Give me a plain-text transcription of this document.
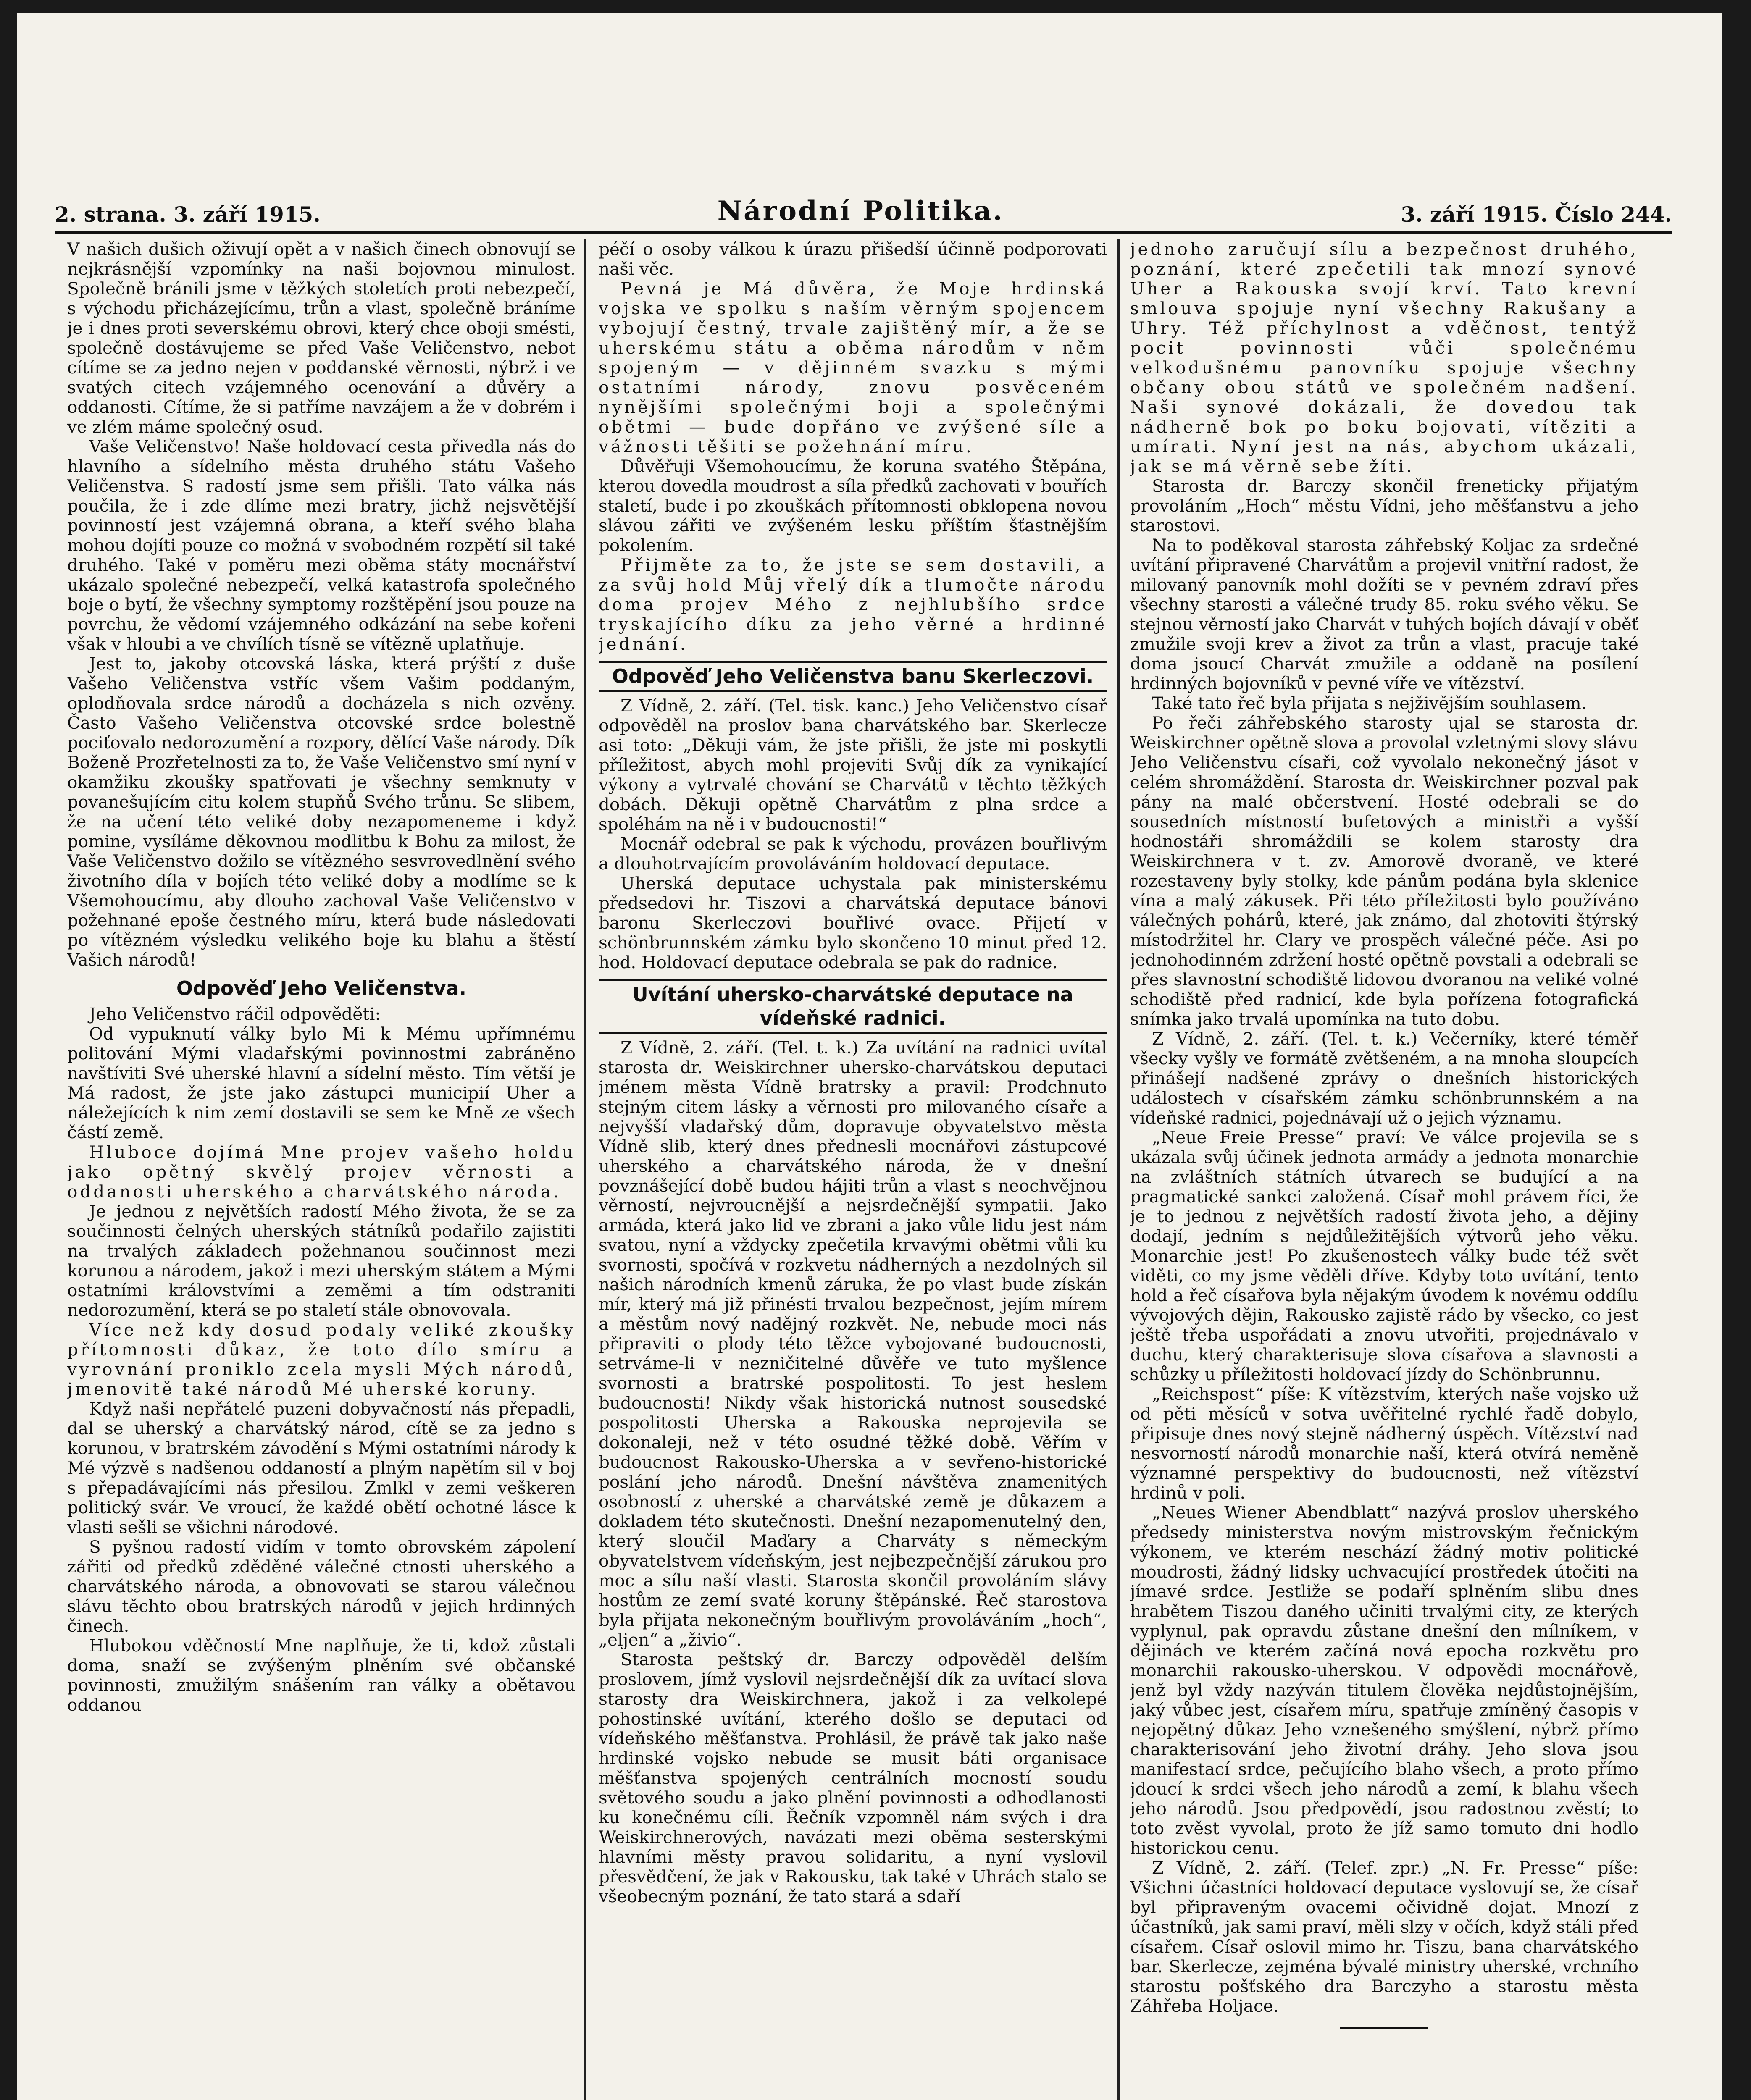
2. strana. 3. září 1915.	Národní Politika.	3. září 1915. Číslo 244.

V našich dušich oživují opět a v našich činech obnovují se nejkrásnější vzpomínky na naši bojovnou minulost. Společně bránili jsme v těžkých stoletích proti nebezpečí, s východu přicházejícímu, trůn a vlast, společně bráníme je i dnes proti severskému obrovi, který chce oboji smésti, společně dostávujeme se před Vaše Veličenstvo, nebot cítíme se za jedno nejen v poddanské věrnosti, nýbrž i ve svatých citech vzájemného ocenování a důvěry a oddanosti. Cítíme, že si patříme navzájem a že v dobrém i ve zlém máme společný osud.

Vaše Veličenstvo! Naše holdovací cesta přivedla nás do hlavního a sídelního města druhého státu Vašeho Veličenstva. S radostí jsme sem přišli. Tato válka nás poučila, že i zde dlíme mezi bratry, jichž nejsvětější povinností jest vzájemná obrana, a kteří svého blaha mohou dojíti pouze co možná v svobodném rozpětí sil také druhého. Také v poměru mezi oběma státy mocnářství ukázalo společné nebezpečí, velká katastrofa společného boje o bytí, že všechny symptomy rozštěpění jsou pouze na povrchu, že vědomí vzájemného odkázání na sebe kořeni však v hloubi a ve chvílích tísně se vítězně uplatňuje.

Jest to, jakoby otcovská láska, která prýští z duše Vašeho Veličenstva vstříc všem Vašim poddaným, oplodňovala srdce národů a docházela s nich ozvěny. Často Vašeho Veličenstva otcovské srdce bolestně pociťovalo nedorozumění a rozpory, dělící Vaše národy. Dík Boženě Prozřetelnosti za to, že Vaše Veličenstvo smí nyní v okamžiku zkoušky spatřovati je všechny semknuty v povanešujícím citu kolem stupňů Svého trůnu. Se slibem, že na učení této veliké doby nezapomeneme i když pomine, vysíláme děkovnou modlitbu k Bohu za milost, že Vaše Veličenstvo dožilo se vítězného sesvrovedlnění svého životního díla v bojích této veliké doby a modlíme se k Všemohoucímu, aby dlouho zachoval Vaše Veličenstvo v požehnané epoše čestného míru, která bude následovati po vítězném výsledku velikého boje ku blahu a štěstí Vašich národů!

Odpověď Jeho Veličenstva.

Jeho Veličenstvo ráčil odpověděti:

Od vypuknutí války bylo Mi k Mému upřímnému politování Mými vladařskými povinnostmi zabráněno navštíviti Své uherské hlavní a sídelní město. Tím větší je Má radost, že jste jako zástupci municipií Uher a náležejících k nim zemí dostavili se sem ke Mně ze všech částí země.

Hluboce dojímá Mne projev vašeho holdu jako opětný skvělý projev věrnosti a oddanosti uherského a charvátského národa.

Je jednou z největších radostí Mého života, že se za součinnosti čelných uherských státníků podařilo zajistiti na trvalých základech požehnanou součinnost mezi korunou a národem, jakož i mezi uherským státem a Mými ostatními královstvími a zeměmi a tím odstraniti nedorozumění, která se po staletí stále obnovovala.

Více než kdy dosud podaly veliké zkoušky přítomnosti důkaz, že toto dílo smíru a vyrovnání proniklo zcela mysli Mých národů, jmenovitě také národů Mé uherské koruny.

Když naši nepřátelé puzeni dobyvačností nás přepadli, dal se uherský a charvátský národ, cítě se za jedno s korunou, v bratrském závodění s Mými ostatními národy k Mé výzvě s nadšenou oddaností a plným napětím sil v boj s přepadávajícími nás přesilou. Zmlkl v zemi veškeren politický svár. Ve vroucí, že každé obětí ochotné lásce k vlasti sešli se všichni národové.

S pyšnou radostí vidím v tomto obrovském zápolení zářiti od předků zděděné válečné ctnosti uherského a charvátského národa, a obnovovati se starou válečnou slávu těchto obou bratrských národů v jejich hrdinných činech.

Hlubokou vděčností Mne naplňuje, že ti, kdož zůstali doma, snaží se zvýšeným plněním své občanské povinnosti, zmužilým snášením ran války a obětavou oddanou

péčí o osoby válkou k úrazu přišedší účinně podporovati naši věc.

Pevná je Má důvěra, že Moje hrdinská vojska ve spolku s naším věrným spojencem vybojují čestný, trvale zajištěný mír, a že se uherskému státu a oběma národům v něm spojeným — v dějinném svazku s mými ostatními národy, znovu posvěceném nynějšími společnými boji a společnými obětmi — bude dopřáno ve zvýšené síle a vážnosti těšiti se požehnání míru.

Důvěřuji Všemohoucímu, že koruna svatého Štěpána, kterou dovedla moudrost a síla předků zachovati v bouřích staletí, bude i po zkouškách přítomnosti obklopena novou slávou zářiti ve zvýšeném lesku příštím šťastnějším pokolením.

Přijměte za to, že jste se sem dostavili, a za svůj hold Můj vřelý dík a tlumočte národu doma projev Mého z nejhlubšího srdce tryskajícího díku za jeho věrné a hrdinné jednání.

Odpověď Jeho Veličenstva banu Skerleczovi.

Z Vídně, 2. září. (Tel. tisk. kanc.) Jeho Veličenstvo císař odpověděl na proslov bana charvátského bar. Skerlecze asi toto: „Děkuji vám, že jste přišli, že jste mi poskytli příležitost, abych mohl projeviti Svůj dík za vynikající výkony a vytrvalé chování se Charvátů v těchto těžkých dobách. Děkuji opětně Charvátům z plna srdce a spoléhám na ně i v budoucnosti!“

Mocnář odebral se pak k východu, provázen bouřlivým a dlouhotrvajícím provoláváním holdovací deputace.

Uherská deputace uchystala pak ministerskému předsedovi hr. Tiszovi a charvátská deputace bánovi baronu Skerleczovi bouřlivé ovace. Přijetí v schönbrunnském zámku bylo skončeno 10 minut před 12. hod. Holdovací deputace odebrala se pak do radnice.

Uvítání uhersko-charvátské deputace na vídeňské radnici.

Z Vídně, 2. září. (Tel. t. k.) Za uvítání na radnici uvítal starosta dr. Weiskirchner uhersko-charvátskou deputaci jménem města Vídně bratrsky a pravil: Prodchnuto stejným citem lásky a věrnosti pro milovaného císaře a nejvyšší vladařský dům, dopravuje obyvatelstvo města Vídně slib, který dnes přednesli mocnářovi zástupcové uherského a charvátského národa, že v dnešní povznášející době budou hájiti trůn a vlast s neochvějnou věrností, nejvroucnější a nejsrdečnější sympatii. Jako armáda, která jako lid ve zbrani a jako vůle lidu jest nám svatou, nyní a vždycky zpečetila krvavými obětmi vůli ku svornosti, spočívá v rozkvetu nádherných a nezdolných sil našich národních kmenů záruka, že po vlast bude získán mír, který má již přinésti trvalou bezpečnost, jejím mírem a městům nový nadějný rozkvět. Ne, nebude moci nás připraviti o plody této těžce vybojované budoucnosti, setrváme-li v nezničitelné důvěře ve tuto myšlence svornosti a bratrské pospolitosti. To jest heslem budoucnosti! Nikdy však historická nutnost sousedské pospolitosti Uherska a Rakouska neprojevila se dokonaleji, než v této osudné těžké době. Věřím v budoucnost Rakousko-Uherska a v sevřeno-historické poslání jeho národů. Dnešní návštěva znamenitých osobností z uherské a charvátské země je důkazem a dokladem této skutečnosti. Dnešní nezapomenutelný den, který sloučil Maďary a Charváty s německým obyvatelstvem vídeňským, jest nejbezpečnější zárukou pro moc a sílu naší vlasti. Starosta skončil provoláním slávy hostům ze zemí svaté koruny štěpánské. Řeč starostova byla přijata nekonečným bouřlivým provoláváním „hoch“, „eljen“ a „živio“.

Starosta peštský dr. Barczy odpověděl delším proslovem, jímž vyslovil nejsrdečnější dík za uvítací slova starosty dra Weiskirchnera, jakož i za velkolepé pohostinské uvítání, kterého došlo se deputaci od vídeňského měšťanstva. Prohlásil, že právě tak jako naše hrdinské vojsko nebude se musit báti organisace měšťanstva spojených centrálních mocností soudu světového soudu a jako plnění povinnosti a odhodlanosti ku konečnému cíli. Řečník vzpomněl nám svých i dra Weiskirchnerových, navázati mezi oběma sesterskými hlavními městy pravou solidaritu, a nyní vyslovil přesvědčení, že jak v Rakousku, tak také v Uhrách stalo se všeobecným poznání, že tato stará a sdaří

jednoho zaručují sílu a bezpečnost druhého, poznání, které zpečetili tak mnozí synové Uher a Rakouska svojí krví. Tato krevní smlouva spojuje nyní všechny Rakušany a Uhry. Též příchylnost a vděčnost, tentýž pocit povinnosti vůči společnému velkodušnému panovníku spojuje všechny občany obou států ve společném nadšení. Naši synové dokázali, že dovedou tak nádherně bok po boku bojovati, vítěziti a umírati. Nyní jest na nás, abychom ukázali, jak se má věrně sebe žíti.

Starosta dr. Barczy skončil freneticky přijatým provoláním „Hoch“ městu Vídni, jeho měšťanstvu a jeho starostovi.

Na to poděkoval starosta záhřebský Koljac za srdečné uvítání připravené Charvátům a projevil vnitřní radost, že milovaný panovník mohl dožíti se v pevném zdraví přes všechny starosti a válečné trudy 85. roku svého věku. Se stejnou věrností jako Charvát v tuhých bojích dávají v oběť zmužile svoji krev a život za trůn a vlast, pracuje také doma jsoucí Charvát zmužile a oddaně na posílení hrdinných bojovníků v pevné víře ve vítězství.

Také tato řeč byla přijata s nejživějším souhlasem.

Po řeči záhřebského starosty ujal se starosta dr. Weiskirchner opětně slova a provolal vzletnými slovy slávu Jeho Veličenstvu císaři, což vyvolalo nekonečný jásot v celém shromáždění. Starosta dr. Weiskirchner pozval pak pány na malé občerstvení. Hosté odebrali se do sousedních místností bufetových a ministři a vyšší hodnostáři shromáždili se kolem starosty dra Weiskirchnera v t. zv. Amorově dvoraně, ve které rozestaveny byly stolky, kde pánům podána byla sklenice vína a malý zákusek. Při této příležitosti bylo používáno válečných pohárů, které, jak známo, dal zhotoviti štýrský místodržitel hr. Clary ve prospěch válečné péče. Asi po jednohodinném zdržení hosté opětně povstali a odebrali se přes slavnostní schodiště lidovou dvoranou na veliké volné schodiště před radnicí, kde byla pořízena fotografická snímka jako trvalá upomínka na tuto dobu.

Z Vídně, 2. září. (Tel. t. k.) Večerníky, které téměř všecky vyšly ve formátě zvětšeném, a na mnoha sloupcích přinášejí nadšené zprávy o dnešních historických událostech v císařském zámku schönbrunnském a na vídeňské radnici, pojednávají už o jejich významu.

„Neue Freie Presse“ praví: Ve válce projevila se s ukázala svůj účinek jednota armády a jednota monarchie na zvláštních státních útvarech se budující a na pragmatické sankci založená. Císař mohl právem říci, že je to jednou z největších radostí života jeho, a dějiny dodají, jedním s nejdůležitějších výtvorů jeho věku. Monarchie jest! Po zkušenostech války bude též svět viděti, co my jsme věděli dříve. Kdyby toto uvítání, tento hold a řeč císařova byla nějakým úvodem k novému oddílu vývojových dějin, Rakousko zajistě rádo by všecko, co jest ještě třeba uspořádati a znovu utvořiti, projednávalo v duchu, který charakterisuje slova císařova a slavnosti a schůzky u příležitosti holdovací jízdy do Schönbrunnu.

„Reichspost“ píše: K vítězstvím, kterých naše vojsko už od pěti měsíců v sotva uvěřitelné rychlé řadě dobylo, připisuje dnes nový stejně nádherný úspěch. Vítězství nad nesvorností národů monarchie naší, která otvírá neměně významné perspektivy do budoucnosti, než vítězství hrdinů v poli.

„Neues Wiener Abendblatt“ nazývá proslov uherského předsedy ministerstva novým mistrovským řečnickým výkonem, ve kterém neschází žádný motiv politické moudrosti, žádný lidsky uchvacující prostředek útočiti na jímavé srdce. Jestliže se podaří splněním slibu dnes hrabětem Tiszou daného učiniti trvalými city, ze kterých vyplynul, pak opravdu zůstane dnešní den mílníkem, v dějinách ve kterém začíná nová epocha rozkvětu pro monarchii rakousko-uherskou. V odpovědi mocnářově, jenž byl vždy nazýván titulem člověka nejdůstojnějším, jaký vůbec jest, císařem míru, spatřuje zmíněný časopis v nejopětný důkaz Jeho vznešeného smýšlení, nýbrž přímo charakterisování jeho životní dráhy. Jeho slova jsou manifestací srdce, pečujícího blaho všech, a proto přímo jdoucí k srdci všech jeho národů a zemí, k blahu všech jeho národů. Jsou předpovědí, jsou radostnou zvěstí; to toto zvěst vyvolal, proto že jíž samo tomuto dni hodlo historickou cenu.

Z Vídně, 2. září. (Telef. zpr.) „N. Fr. Presse“ píše: Všichni účastníci holdovací deputace vyslovují se, že císař byl připraveným ovacemi očividně dojat. Mnozí z účastníků, jak sami praví, měli slzy v očích, když stáli před císařem. Císař oslovil mimo hr. Tiszu, bana charvátského bar. Skerlecze, zejména bývalé ministry uherské, vrchního starostu pošťského dra Barczyho a starostu města Záhřeba Holjace.
